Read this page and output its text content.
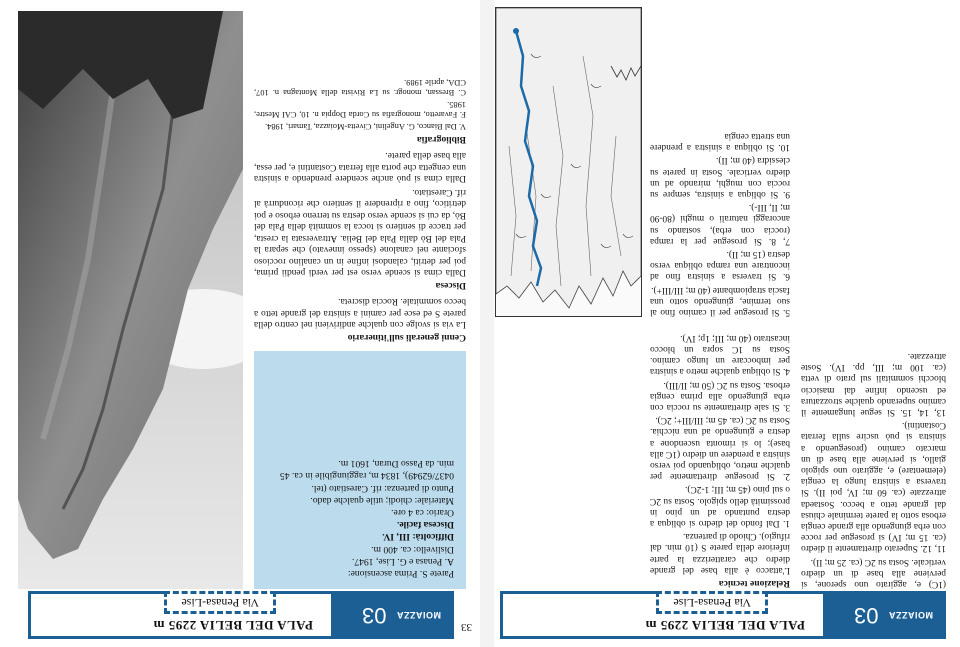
MOIAZZA
03
PALA DEL BELIA 2295 m
Via Penasa-Lise

(1C) e, aggirato uno sperone, si perviene alla base di un diedro verticale. Sosta su 2C (ca. 25 m; II).

11, 12. Superato direttamente il diedro (ca. 15 m; IV) si prosegue per rocce con erba giungendo alla grande cengia erbosa sotto la parete terminale chiusa dal grande tetto a becco. Sostaeda attrezzate (ca. 60 m; IV, poi II). Si traversa a sinistra lungo la cengia (elementare) e, aggirato uno spigolo giallo, si perviene alla base di un marcato camino (proseguendo a sinistra si può uscire sulla ferrata Costantini).

13, 14, 15. Si segue lungamente il camino superando qualche strozzatura ed uscendo infine dal masiccio blocchi sommitali sul prato di vetta (ca. 100 m; III, pp. IV). Soste attrezzate.

Relazione tecnica

L'attacco è alla base del grande diedro che caratterizza la parte inferiore della parete S (10 min. dal rifugio). Chiodo di partenza.

1. Dal fondo del diedro si obliqua a destra puntando ad un pino in prossimità dello spigolo. Sosta su 2C o sul pino (45 m; III; 1-2C).

2. Si prosegue direttamente per qualche metro, obliquando poi verso sinistra a prendere un diedro (1C alla base); lo si rimonta uscendone a destra e giungendo ad una nicchia. Sosta su 2C (ca. 45 m; III/III+; 2C).

3. Si sale direttamente su roccia con erba giungendo alla prima cengia erbosa. Sosta su 2C (50 m; II/III).

4. Si obliqua qualche metro a sinistra per imboccare un lungo camino. Sosta su 1C sopra un blocco incastrato (40 m; III; 1p; IV).

5. Si prosegue per il camino fino al suo termine, giungendo sotto una fascia strapiombante (40 m; III/III+).

6. Si traversa a sinistra fino ad incontrare una rampa obliqua verso destra (15 m; II).

7, 8. Si prosegue per la rampa (roccia con erba), sostando su ancoraggi naturali o mughi (80-90 m; II, III-).

9. Si obliqua a sinistra, sempre su roccia con mughi, mirando ad un diedro verticale. Sosta in parete su clessidra (40 m; II).

10. Si obliqua a sinistra a prendere una stretta cengia

33
MOIAZZA
03
PALA DEL BELIA 2295 m
Via Penasa-Lise

Parete S. Prima ascensione:

A. Penasa e G. Lise, 1947.

Dislivello: ca. 400 m.

Difficoltà: III, IV.

Discesa facile.

Orario: ca 4 ore.

Materiale: chiodi; utile qualche dado.

Punto di partenza: rif. Carestiato (tel. 0437/62949), 1834 m, raggiungibile in ca. 45 min. da Passo Duran, 1601 m.

Cenni generali sull'itinerario

La via si svolge con qualche andirivieni nel centro della parete S ed esce per camini a sinistra del grande tetto a becco sommitale. Roccia discreta.

Discesa

Dalla cima si scende verso est per verdi pendii prima, poi per detriti, calandosi infine in un canalino roccioso sfociante nel canalone (spesso innevato) che separa la Pala del Bò dalla Pala del Belia. Attraversata la cresta, per tracce di sentiero si tocca la sommità della Pala del Bò, da cui si scende verso destra su terreno erboso e poi detritico, fino a riprendere il sentiero che ricondurrà al rif. Carestiato.

Dalla cima si può anche scendere prendendo a sinistra una cengetta che porta alla ferrata Costantini e, per essa, alla base della parete.

Bibliografia

V. Dal Bianco, G. Angelini, Civetta-Moiazza, Tamari, 1984.

F. Favaretto, monografia su Corda Doppia n. 10, CAI Mestre, 1985.

C. Bressan, monogr. su La Rivista della Montagna n. 107, CDA, aprile 1989.
